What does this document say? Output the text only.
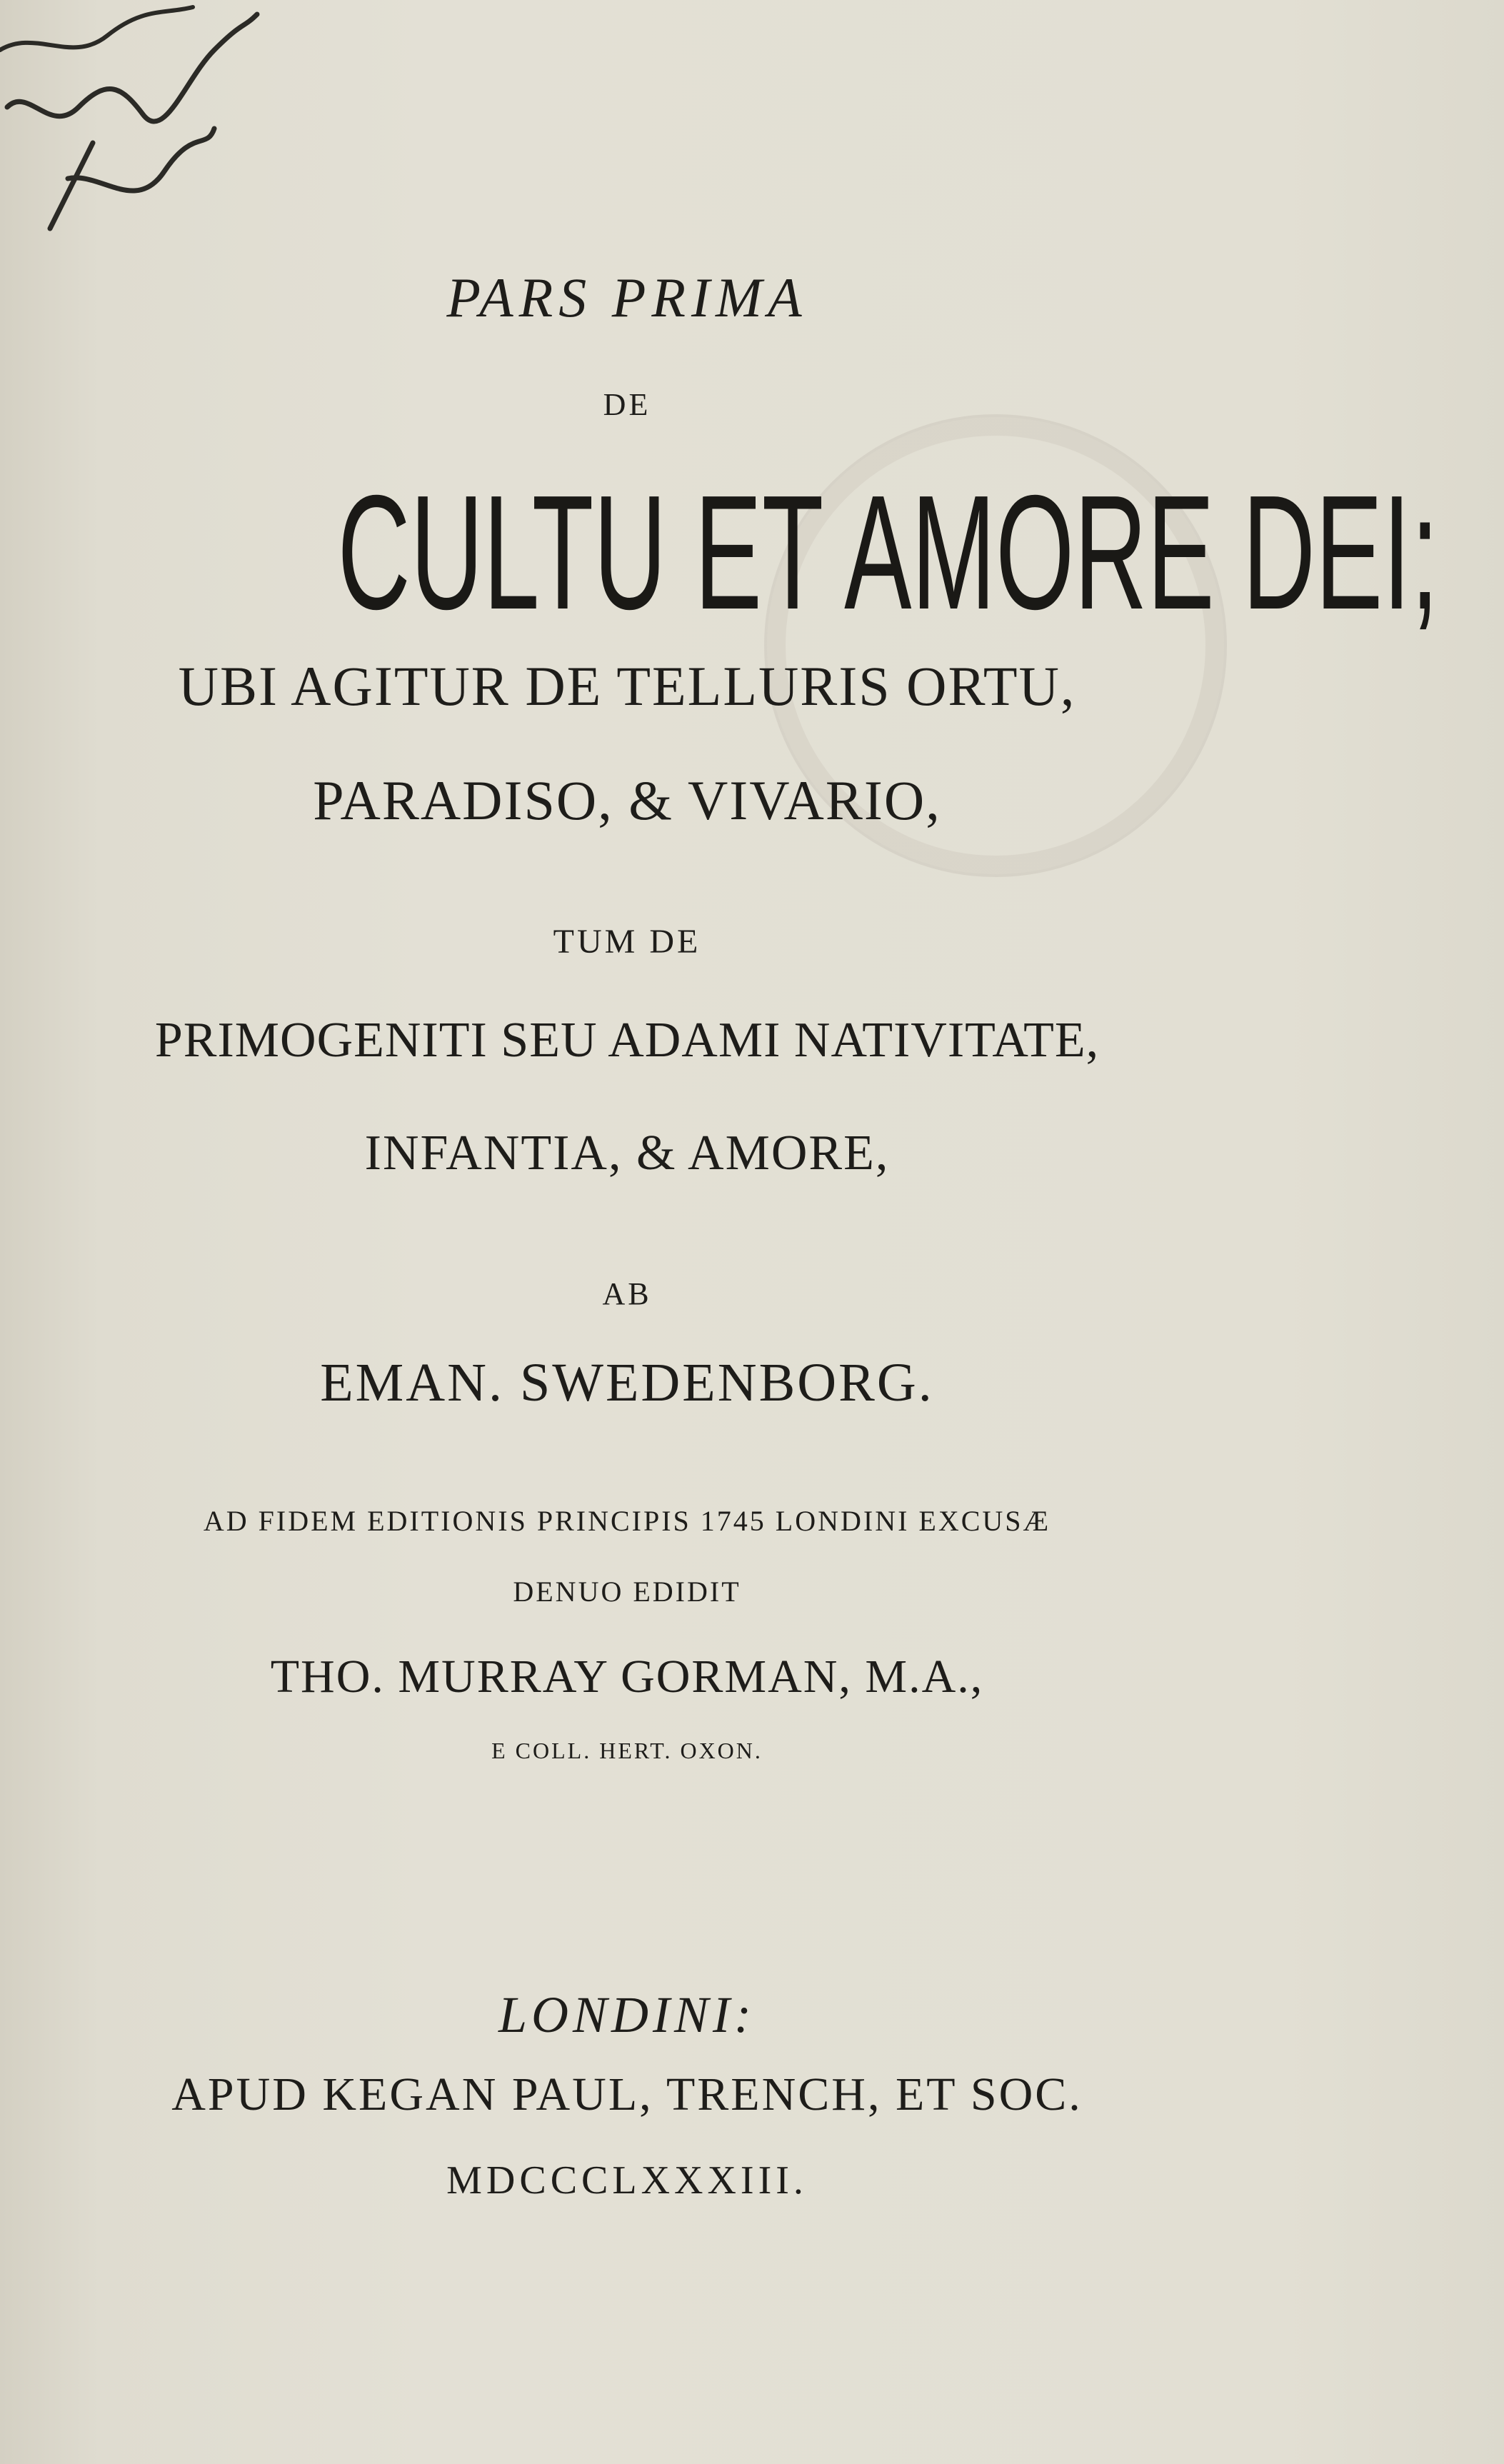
PARS PRIMA
DE
CULTU ET AMORE DEI;
UBI AGITUR DE TELLURIS ORTU,
PARADISO, & VIVARIO,
TUM DE
PRIMOGENITI SEU ADAMI NATIVITATE,
INFANTIA, & AMORE,
AB
EMAN. SWEDENBORG.
AD FIDEM EDITIONIS PRINCIPIS 1745 LONDINI EXCUSÆ
DENUO EDIDIT
THO. MURRAY GORMAN, M.A.,
E COLL. HERT. OXON.
LONDINI:
APUD KEGAN PAUL, TRENCH, ET SOC.
MDCCCLXXXIII.
